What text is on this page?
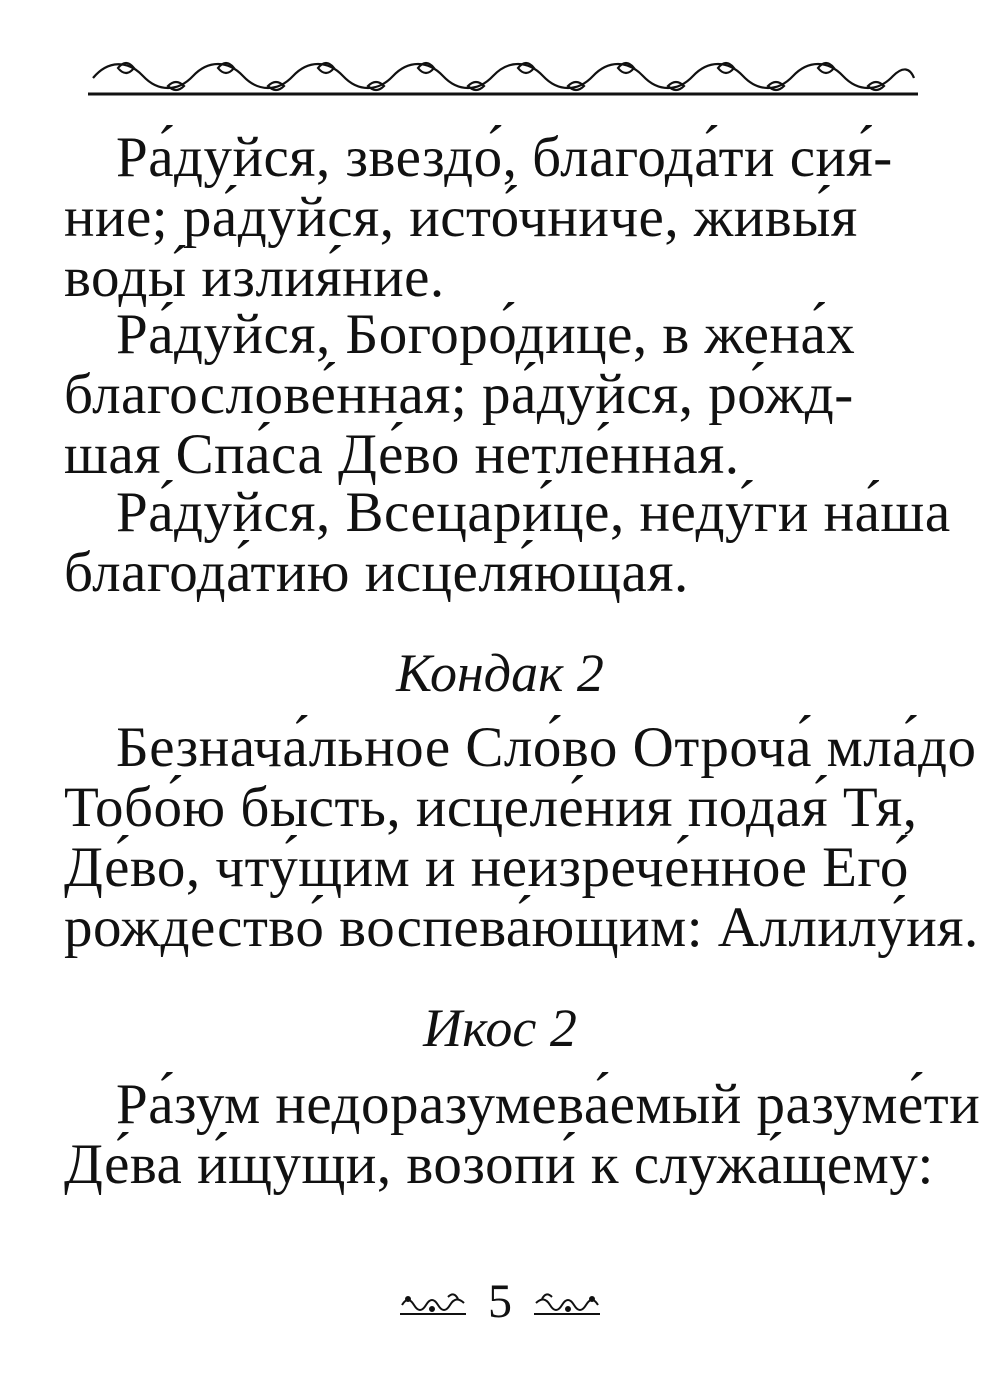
Ра́дуйся, звездо́, благода́ти сия́-
ние; ра́дуйся, исто́чниче, живы́я
воды́ излия́ние.
Ра́дуйся, Богоро́дице, в жена́х
благослове́нная; ра́дуйся, ро́жд-
шая Спа́са Де́во нетле́нная.
Ра́дуйся, Всецари́це, неду́ги на́ша
благода́тию исцеля́ющая.
Кондак 2
Безнача́льное Сло́во Отроча́ мла́до
Тобо́ю бысть, исцеле́ния подая́ Тя,
Де́во, чту́щим и неизрече́нное Его́
рождество́ воспева́ющим: Аллилу́ия.
Икос 2
Ра́зум недоразумева́емый разуме́ти
Де́ва и́щущи, возопи́ к служа́щему:
5
